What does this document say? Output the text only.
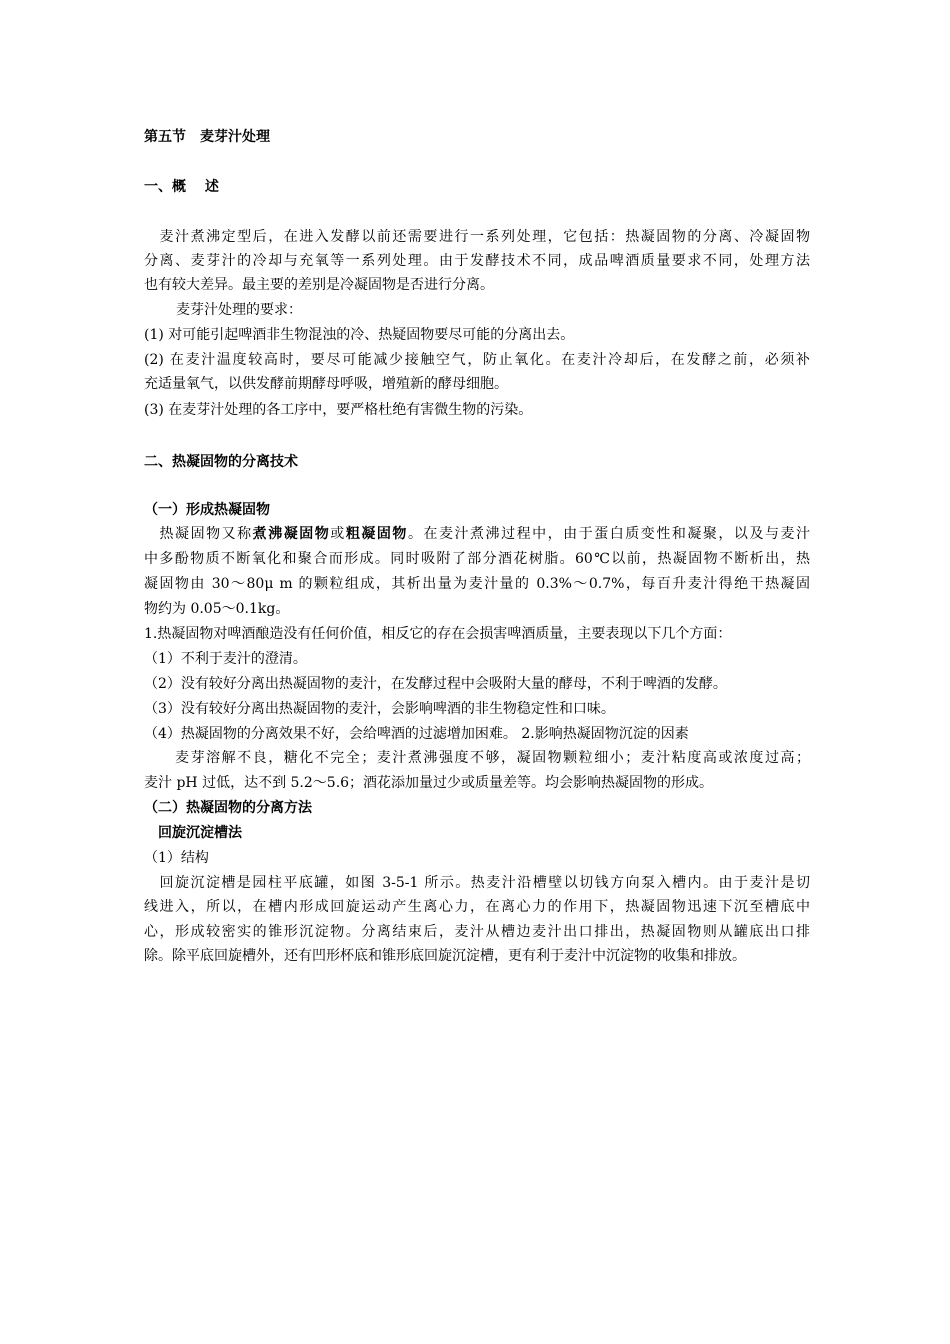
第五节　麦芽汁处理
一、概　 述
　麦汁煮沸定型后，在进入发酵以前还需要进行一系列处理，它包括：热凝固物的分离、冷凝固物
分离、麦芽汁的冷却与充氧等一系列处理。由于发酵技术不同，成品啤酒质量要求不同，处理方法
也有较大差异。最主要的差别是冷凝固物是否进行分离。
麦芽汁处理的要求：
(1) 对可能引起啤酒非生物混浊的冷、热疑固物要尽可能的分离出去。
(2) 在麦汁温度较高时，要尽可能减少接触空气，防止氧化。在麦汁冷却后，在发酵之前，必须补
充适量氧气，以供发酵前期酵母呼吸，增殖新的酵母细胞。
(3) 在麦芽汁处理的各工序中，要严格杜绝有害微生物的污染。
二、热凝固物的分离技术
（一）形成热凝固物
　热凝固物又称煮沸凝固物或粗凝固物。在麦汁煮沸过程中，由于蛋白质变性和凝聚，以及与麦汁
中多酚物质不断氧化和聚合而形成。同时吸附了部分酒花树脂。60℃以前，热凝固物不断析出，热
凝固物由 30～80μ m 的颗粒组成，其析出量为麦汁量的 0.3%～0.7%，每百升麦汁得绝干热凝固
物约为 0.05～0.1kg。
1.热凝固物对啤酒酿造没有任何价值，相反它的存在会损害啤酒质量，主要表现以下几个方面：
（1）不利于麦汁的澄清。
（2）没有较好分离出热凝固物的麦汁，在发酵过程中会吸附大量的酵母，不利于啤酒的发酵。
（3）没有较好分离出热凝固物的麦汁，会影响啤酒的非生物稳定性和口味。
（4）热凝固物的分离效果不好，会给啤酒的过滤增加困难。 2.影响热凝固物沉淀的因素
　　麦芽溶解不良，糖化不完全；麦汁煮沸强度不够，凝固物颗粒细小；麦汁粘度高或浓度过高；
麦汁 pH 过低，达不到 5.2～5.6；酒花添加量过少或质量差等。均会影响热凝固物的形成。
（二）热凝固物的分离方法
　回旋沉淀槽法
（1）结构
　回旋沉淀槽是园柱平底罐，如图 3-5-1 所示。热麦汁沿槽壁以切钱方向泵入槽内。由于麦汁是切
线进入，所以，在槽内形成回旋运动产生离心力，在离心力的作用下，热凝固物迅速下沉至槽底中
心，形成较密实的锥形沉淀物。分离结束后，麦汁从槽边麦汁出口排出，热凝固物则从罐底出口排
除。除平底回旋槽外，还有凹形杯底和锥形底回旋沉淀槽，更有利于麦汁中沉淀物的收集和排放。
